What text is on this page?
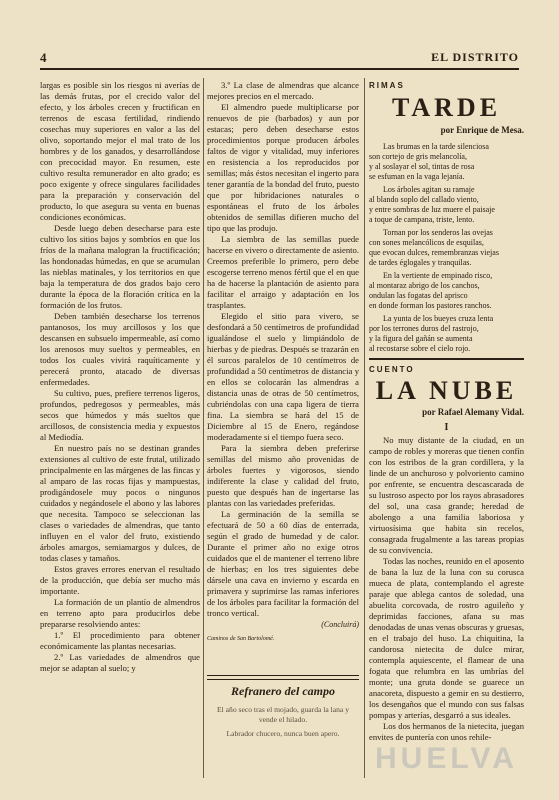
4	EL DISTRITO

largas es posible sin los riesgos ni averías de las demás frutas, por el crecido valor del efecto, y los árboles crecen y fructifican en terrenos de escasa fertilidad, rindiendo cosechas muy superiores en valor a las del olivo, soportando mejor el mal trato de los hombres y de los ganados, y desarrollándose con precocidad mayor. En resumen, este cultivo resulta remunerador en alto grado; es poco exigente y ofrece singulares facilidades para la preparación y conservación del producto, lo que asegura su venta en buenas condiciones económicas.

Desde luego deben desecharse para este cultivo los sitios bajos y sombríos en que los fríos de la mañana malogran la fructificación; las hondonadas húmedas, en que se acumulan las nieblas matinales, y los territorios en que baja la temperatura de dos grados bajo cero durante la época de la floración crítica en la formación de los frutos.

Deben también desecharse los terrenos pantanosos, los muy arcillosos y los que descansen en subsuelo impermeable, así como los arenosos muy sueltos y permeables, en todos los cuales vivirá raquíticamente y perecerá pronto, atacado de diversas enfermedades.

Su cultivo, pues, prefiere terrenos ligeros, profundos, pedregosos y permeables, más secos que húmedos y más sueltos que arcillosos, de consistencia media y expuestos al Mediodía.

En nuestro país no se destinan grandes extensiones al cultivo de este frutal, utilizado principalmente en las márgenes de las fincas y al amparo de las rocas fijas y mampuestas, prodigándosele muy pocos o ningunos cuidados y negándosele el abono y las labores que necesita. Tampoco se seleccionan las clases o variedades de almendras, que tanto influyen en el valor del fruto, existiendo árboles amargos, semiamargos y dulces, de todas clases y tamaños.

Estos graves errores enervan el resultado de la producción, que debía ser mucho más importante.

La formación de un plantío de almendros en terreno apto para producirlos debe prepararse resolviendo antes:

1.º El procedimiento para obtener económicamente las plantas necesarias.

2.º Las variedades de almendros que mejor se adaptan al suelo; y

3.º La clase de almendras que alcance mejores precios en el mercado.

El almendro puede multiplicarse por renuevos de pie (barbados) y aun por estacas; pero deben desecharse estos procedimientos porque producen árboles faltos de vigor y vitalidad, muy inferiores en resistencia a los reproducidos por semillas; más éstos necesitan el ingerto para tener garantía de la bondad del fruto, puesto que por hibridaciones naturales o espontáneas el fruto de los árboles obtenidos de semillas difieren mucho del tipo que las produjo.

La siembra de las semillas puede hacerse en vivero o directamente de asiento. Creemos preferible lo primero, pero debe escogerse terreno menos fértil que el en que ha de hacerse la plantación de asiento para facilitar el arraigo y adaptación en los trasplantes.

Elegido el sitio para vivero, se desfondará a 50 centímetros de profundidad igualándose el suelo y limpiándolo de hierbas y de piedras. Después se trazarán en él surcos paralelos de 10 centímetros de profundidad a 50 centímetros de distancia y en ellos se colocarán las almendras a distancia unas de otras de 50 centímetros, cubriéndolas con una capa ligera de tierra fina. La siembra se hará del 15 de Diciembre al 15 de Enero, regándose moderadamente si el tiempo fuera seco.

Para la siembra deben preferirse semillas del mismo año provenidas de árboles fuertes y vigorosos, siendo indiferente la clase y calidad del fruto, puesto que después han de ingertarse las plantas con las variedades preferidas.

La germinación de la semilla se efectuará de 50 a 60 días de enterrada, según el grado de humedad y de calor. Durante el primer año no exige otros cuidados que el de mantener el terreno libre de hierbas; en los tres siguientes debe dársele una cava en invierno y escarda en primavera y suprimirse las ramas inferiores de los árboles para facilitar la formación del tronco vertical.

(Concluirá)
Caminos de San Bartolomé.
Refranero del campo
El año seco tras el mojado, guarda la lana y vende el hilado.
Labrador chucero, nunca buen apero.
RIMAS
TARDE
por Enrique de Mesa.
Las brumas en la tarde silenciosa
son cortejo de gris melancolía,
y al soslayar el sol, tintas de rosa
se esfuman en la vaga lejanía.
Los árboles agitan su ramaje
al blando soplo del callado viento,
y entre sombras de luz muere el paisaje
a toque de campana, triste, lento.
Tornan por los senderos las ovejas
con sones melancólicos de esquilas,
que evocan dulces, remembranzas viejas
de tardes églogales y tranquilas.
En la vertiente de empinado risco,
al montaraz abrigo de los canchos,
ondulan las fogatas del aprisco
en donde forman los pastores ranchos.
La yunta de los bueyes cruza lenta
por los terrones duros del rastrojo,
y la figura del gañán se aumenta
al recostarse sobre el cielo rojo.
CUENTO
LA NUBE
por Rafael Alemany Vidal.
I

No muy distante de la ciudad, en un campo de robles y moreras que tienen confín con los estribos de la gran cordillera, y la linde de un anchuroso y polvoriento camino por enfrente, se encuentra descascarada de su lustroso aspecto por los rayos abrasadores del sol, una casa grande; heredad de abolengo a una familia laboriosa y virtuosísima que habita sin recelos, consagrada frugalmente a las tareas propias de su convivencia.

Todas las noches, reunido en el aposento de bana la luz de la luna con su corusca mueca de plata, contemplando el agreste paraje que ablega cantos de soledad, una abuelita corcovada, de rostro aguileño y deprimidas facciones, afana su mas denodadas de unas venas obscuras y gruesas, en el trabajo del huso. La chiquitina, la candorosa nietecita de dulce mirar, contempla aquiescente, el flamear de una fogata que relumbra en las umbrías del monte; una gruta donde se guarece un anacoreta, dispuesto a gemir en su destierro, los desengaños que el mundo con sus falsas pompas y arterías, desgarró a sus ideales.

Los dos hermanos de la nietecita, juegan envites de puntería con unos rehile-

HUELVA
